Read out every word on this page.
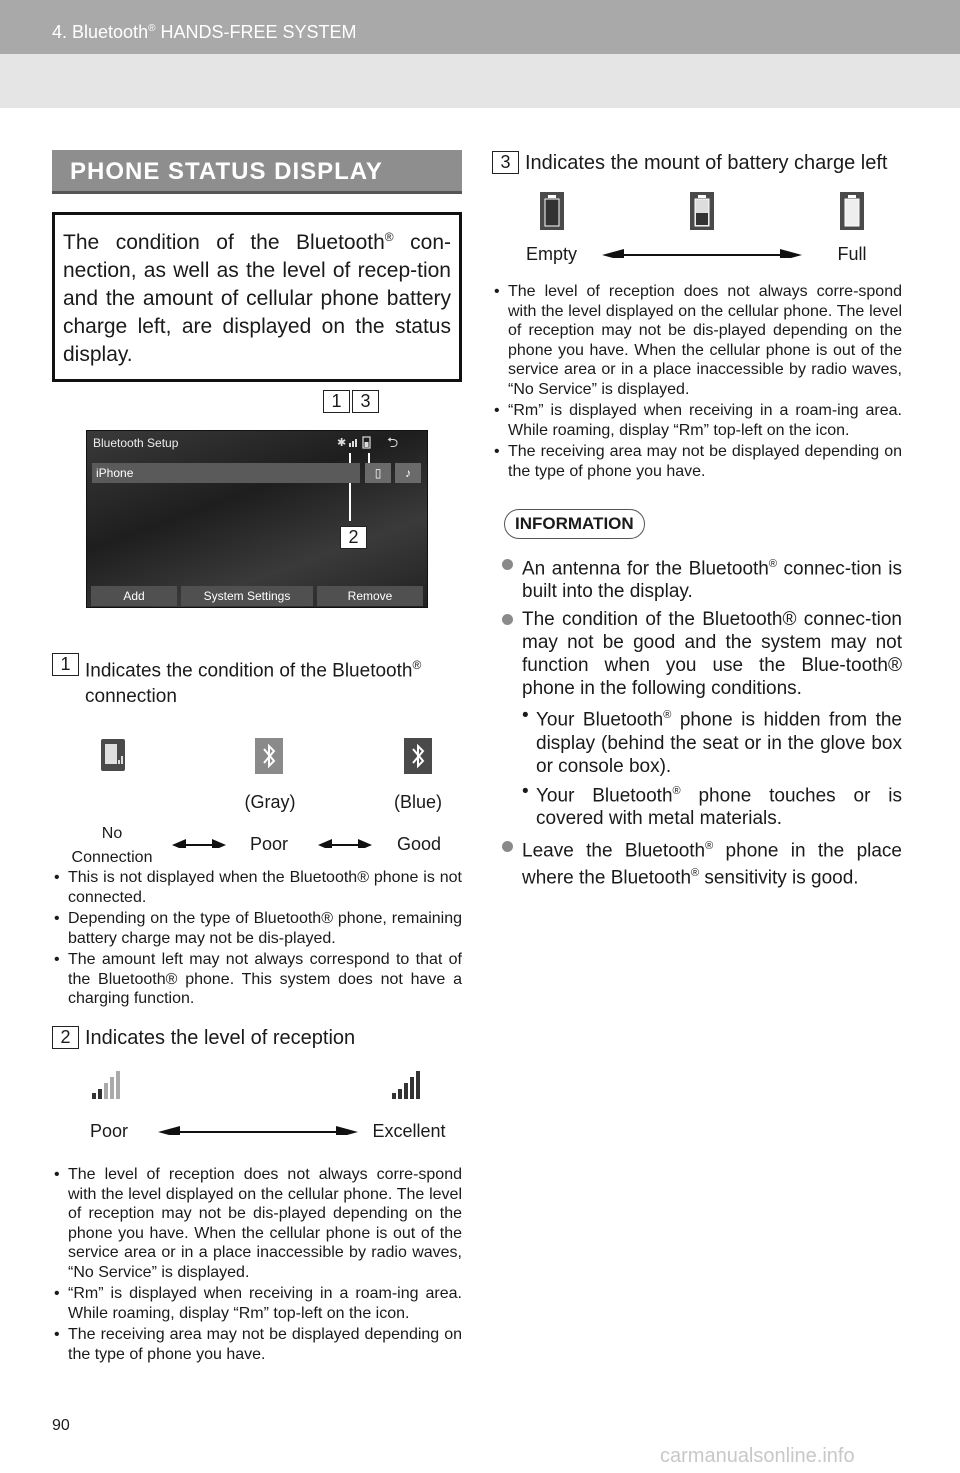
4. Bluetooth® HANDS-FREE SYSTEM
PHONE STATUS DISPLAY
The condition of the Bluetooth® con-nection, as well as the level of recep-tion and the amount of cellular phone battery charge left, are displayed on the status display.
1	3
Bluetooth Setup	✱	⮌
iPhone	▯	♪
Add	System Settings	Remove
2
1 Indicates the condition of the Bluetooth® connection
(Gray)	(Blue)
No
Connection
Poor	Good
• This is not displayed when the Bluetooth® phone is not connected.
• Depending on the type of Bluetooth® phone, remaining battery charge may not be dis-played.
• The amount left may not always correspond to that of the Bluetooth® phone. This system does not have a charging function.
2 Indicates the level of reception
Poor	Excellent
• The level of reception does not always corre-spond with the level displayed on the cellular phone. The level of reception may not be dis-played depending on the phone you have. When the cellular phone is out of the service area or in a place inaccessible by radio waves, “No Service” is displayed.
• “Rm” is displayed when receiving in a roam-ing area. While roaming, display “Rm” top-left on the icon.
• The receiving area may not be displayed depending on the type of phone you have.
3 Indicates the mount of battery charge left
Empty	Full
• The level of reception does not always corre-spond with the level displayed on the cellular phone. The level of reception may not be dis-played depending on the phone you have. When the cellular phone is out of the service area or in a place inaccessible by radio waves, “No Service” is displayed.
• “Rm” is displayed when receiving in a roam-ing area. While roaming, display “Rm” top-left on the icon.
• The receiving area may not be displayed depending on the type of phone you have.
INFORMATION
An antenna for the Bluetooth® connec-tion is built into the display.
The condition of the Bluetooth® connec-tion may not be good and the system may not function when you use the Blue-tooth® phone in the following conditions.
• Your Bluetooth® phone is hidden from the display (behind the seat or in the glove box or console box).
• Your Bluetooth® phone touches or is covered with metal materials.
Leave the Bluetooth® phone in the place where the Bluetooth® sensitivity is good.
90
carmanualsonline.info
